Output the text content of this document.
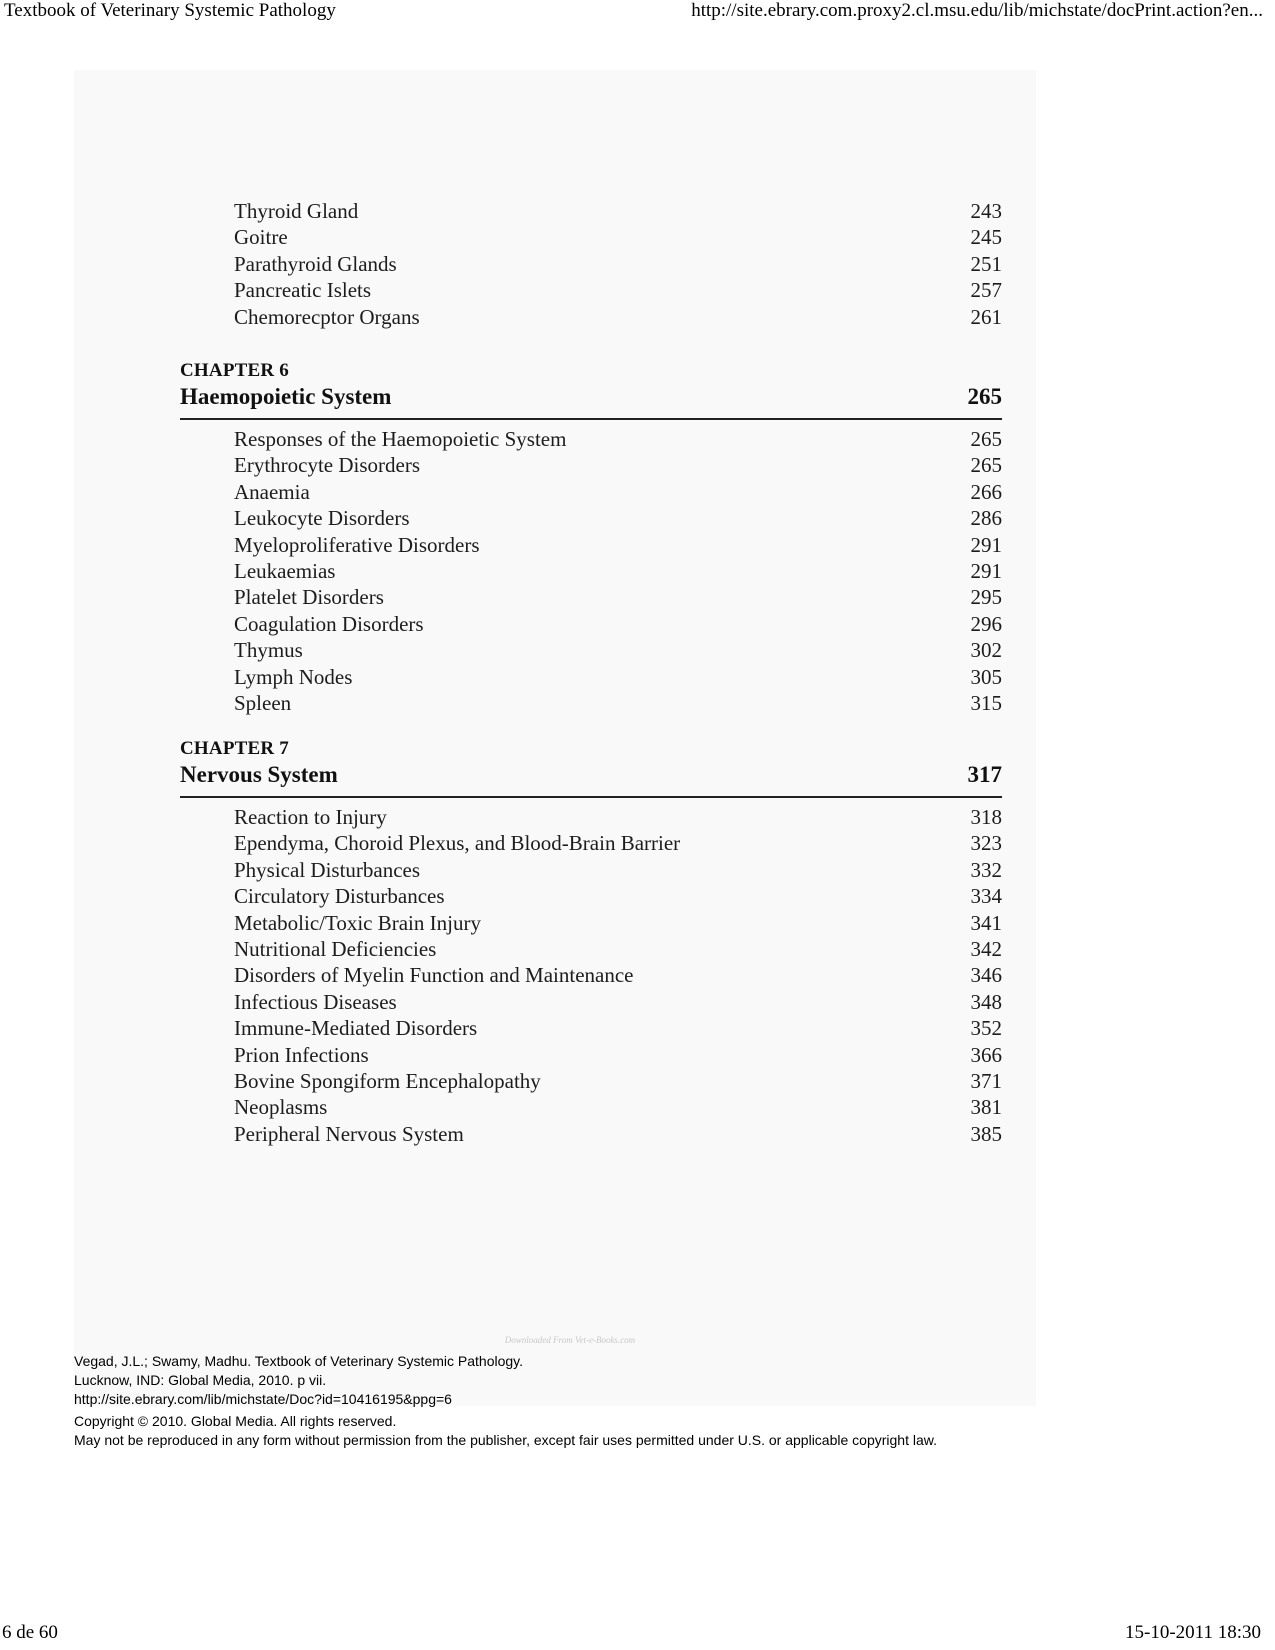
Textbook of Veterinary Systemic Pathology	http://site.ebrary.com.proxy2.cl.msu.edu/lib/michstate/docPrint.action?en...
Thyroid Gland	243
Goitre	245
Parathyroid Glands	251
Pancreatic Islets	257
Chemorecptor Organs	261
CHAPTER 6
Haemopoietic System	265
Responses of the Haemopoietic System	265
Erythrocyte Disorders	265
Anaemia	266
Leukocyte Disorders	286
Myeloproliferative Disorders	291
Leukaemias	291
Platelet Disorders	295
Coagulation Disorders	296
Thymus	302
Lymph Nodes	305
Spleen	315
CHAPTER 7
Nervous System	317
Reaction to Injury	318
Ependyma, Choroid Plexus, and Blood-Brain Barrier	323
Physical Disturbances	332
Circulatory Disturbances	334
Metabolic/Toxic Brain Injury	341
Nutritional Deficiencies	342
Disorders of Myelin Function and Maintenance	346
Infectious Diseases	348
Immune-Mediated Disorders	352
Prion Infections	366
Bovine Spongiform Encephalopathy	371
Neoplasms	381
Peripheral Nervous System	385
Downloaded From Vet-e-Books.com
Vegad, J.L.; Swamy, Madhu. Textbook of Veterinary Systemic Pathology.
Lucknow, IND: Global Media, 2010. p vii.
http://site.ebrary.com/lib/michstate/Doc?id=10416195&ppg=6
Copyright © 2010. Global Media. All rights reserved.
May not be reproduced in any form without permission from the publisher, except fair uses permitted under U.S. or applicable copyright law.
6 de 60	15-10-2011 18:30
